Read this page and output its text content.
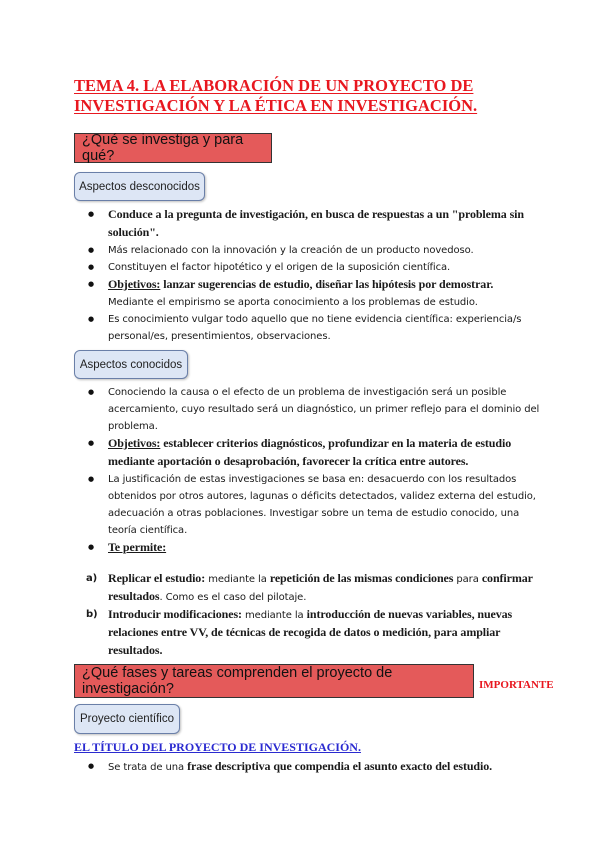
TEMA 4. LA ELABORACIÓN DE UN PROYECTO DE INVESTIGACIÓN Y LA ÉTICA EN INVESTIGACIÓN.
¿Qué se investiga y para qué?
Aspectos desconocidos
● Conduce a la pregunta de investigación, en busca de respuestas a un "problema sin solución".
● Más relacionado con la innovación y la creación de un producto novedoso.
● Constituyen el factor hipotético y el origen de la suposición científica.
● Objetivos: lanzar sugerencias de estudio, diseñar las hipótesis por demostrar.
Mediante el empirismo se aporta conocimiento a los problemas de estudio.
● Es conocimiento vulgar todo aquello que no tiene evidencia científica: experiencia/s personal/es, presentimientos, observaciones.
Aspectos conocidos
● Conociendo la causa o el efecto de un problema de investigación será un posible acercamiento, cuyo resultado será un diagnóstico, un primer reflejo para el dominio del problema.
● Objetivos: establecer criterios diagnósticos, profundizar en la materia de estudio mediante aportación o desaprobación, favorecer la crítica entre autores.
● La justificación de estas investigaciones se basa en: desacuerdo con los resultados obtenidos por otros autores, lagunas o déficits detectados, validez externa del estudio, adecuación a otras poblaciones. Investigar sobre un tema de estudio conocido, una teoría científica.
● Te permite:
a) Replicar el estudio: mediante la repetición de las mismas condiciones para confirmar resultados. Como es el caso del pilotaje.
b) Introducir modificaciones: mediante la introducción de nuevas variables, nuevas relaciones entre VV, de técnicas de recogida de datos o medición, para ampliar resultados.
¿Qué fases y tareas comprenden el proyecto de investigación?	IMPORTANTE
Proyecto científico
EL TÍTULO DEL PROYECTO DE INVESTIGACIÓN.
● Se trata de una frase descriptiva que compendia el asunto exacto del estudio.
